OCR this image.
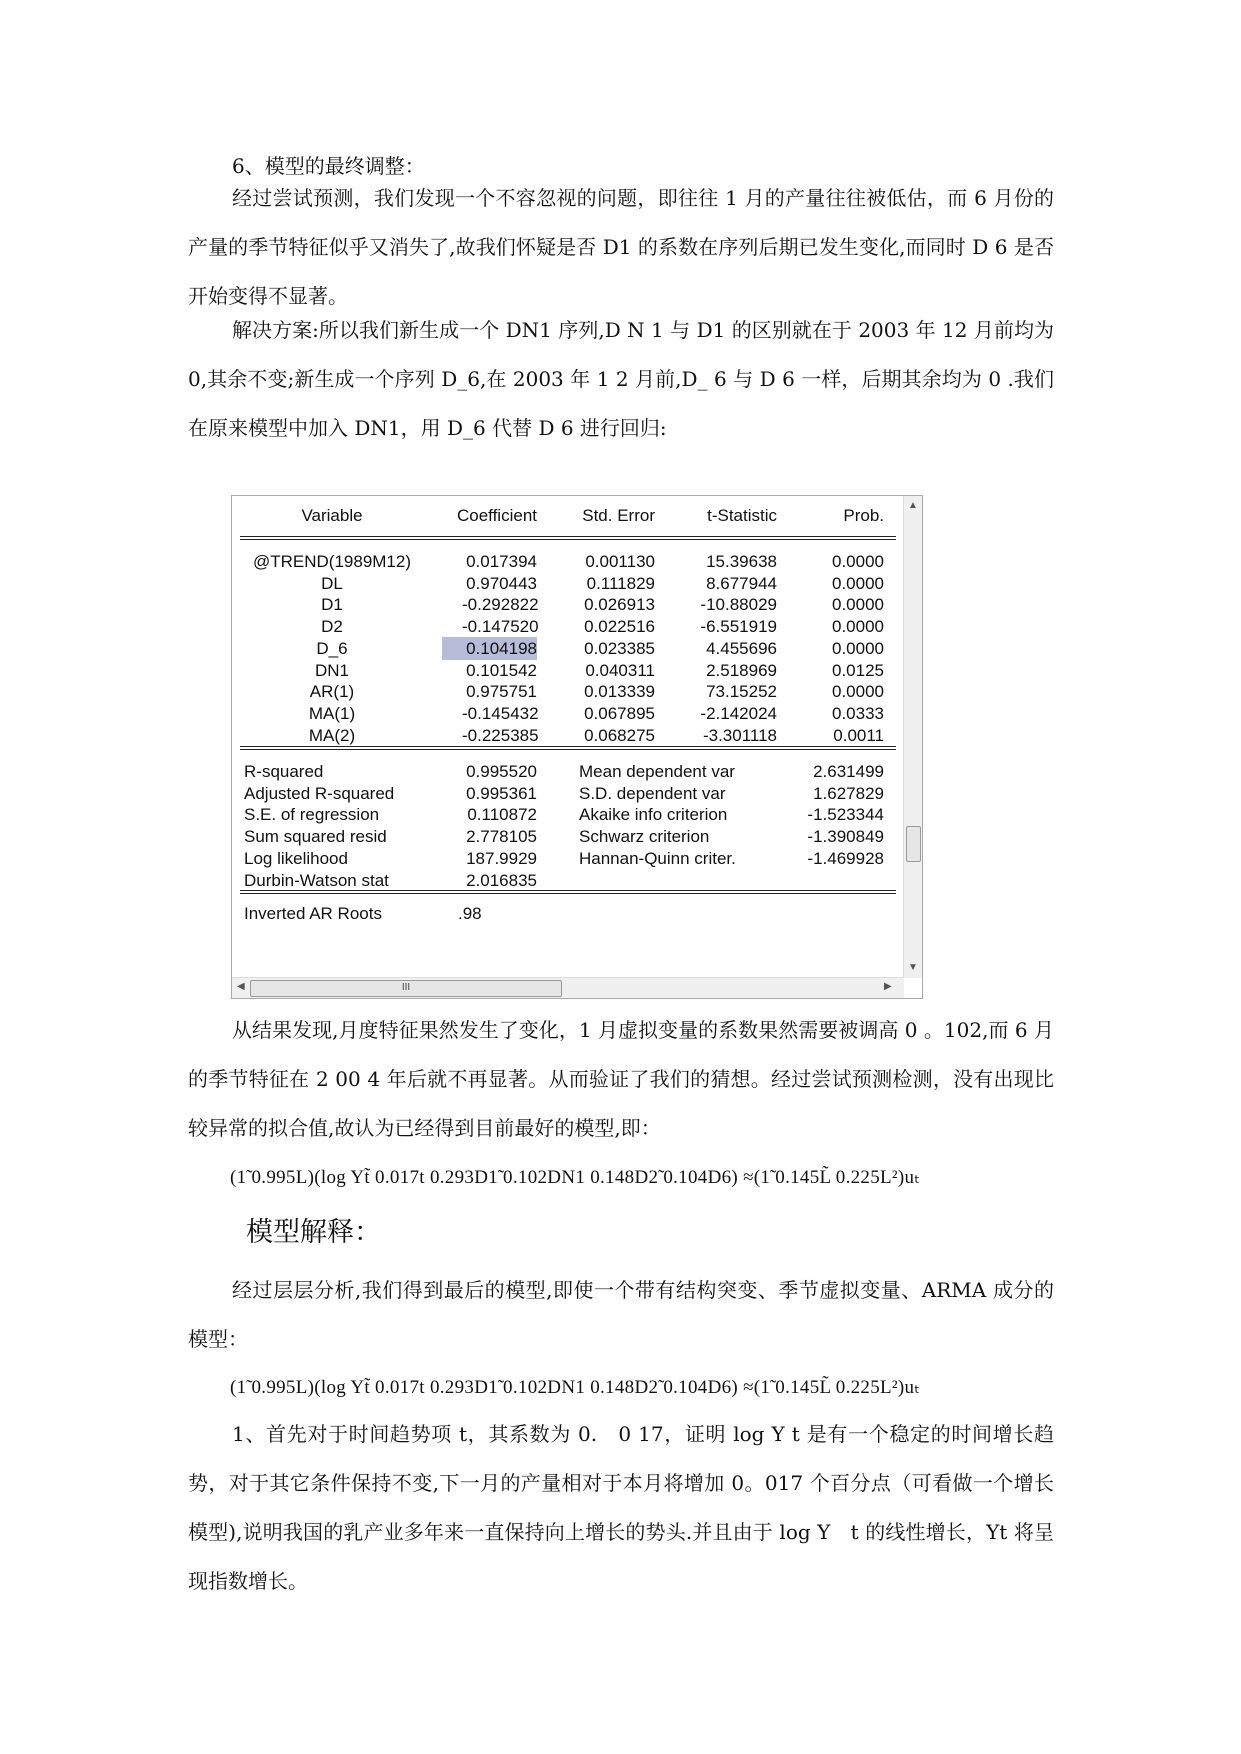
6、模型的最终调整：

经过尝试预测，我们发现一个不容忽视的问题，即往往 1 月的产量往往被低估，而 6 月份的产量的季节特征似乎又消失了,故我们怀疑是否 D1 的系数在序列后期已发生变化,而同时 D 6 是否开始变得不显著。

解决方案:所以我们新生成一个 DN1 序列,D N 1 与 D1 的区别就在于 2003 年 12 月前均为 0,其余不变;新生成一个序列 D_6,在 2003 年 1 2 月前,D_ 6 与 D 6 一样，后期其余均为 0 .我们在原来模型中加入 DN1，用 D_6 代替 D 6 进行回归:

Variable	Coefficient	Std. Error	t-Statistic	Prob.
@TREND(1989M12)	0.017394	0.001130	15.39638	0.0000
DL	0.970443	0.111829	8.677944	0.0000
D1	-0.292822	0.026913	-10.88029	0.0000
D2	-0.147520	0.022516	-6.551919	0.0000
D_6	0.104198	0.023385	4.455696	0.0000
DN1	0.101542	0.040311	2.518969	0.0125
AR(1)	0.975751	0.013339	73.15252	0.0000
MA(1)	-0.145432	0.067895	-2.142024	0.0333
MA(2)	-0.225385	0.068275	-3.301118	0.0011
R-squared	0.995520 Mean dependent var	2.631499
Adjusted R-squared	0.995361 S.D. dependent var	1.627829
S.E. of regression	0.110872 Akaike info criterion	-1.523344
Sum squared resid	2.778105 Schwarz criterion	-1.390849
Log likelihood	187.9929 Hannan-Quinn criter.	-1.469928
Durbin-Watson stat	2.016835
Inverted AR Roots	.98
▲
▼
◀	III	▶

从结果发现,月度特征果然发生了变化，1 月虚拟变量的系数果然需要被调高 0 。102,而 6 月的季节特征在 2 00 4 年后就不再显著。从而验证了我们的猜想。经过尝试预测检测，没有出现比较异常的拟合值,故认为已经得到目前最好的模型,即：

(1̃ 0.995L)(log Yt̃ 0.017t 0.293D1̃ 0.102DN1 0.148D2̃ 0.104D6) ≈(1̃ 0.145L̃ 0.225L²)uₜ
模型解释：

经过层层分析,我们得到最后的模型,即使一个带有结构突变、季节虚拟变量、ARMA 成分的模型：

(1̃ 0.995L)(log Yt̃ 0.017t 0.293D1̃ 0.102DN1 0.148D2̃ 0.104D6) ≈(1̃ 0.145L̃ 0.225L²)uₜ

1、首先对于时间趋势项 t，其系数为 0.　0 17，证明 log Y t 是有一个稳定的时间增长趋势，对于其它条件保持不变,下一月的产量相对于本月将增加 0。017 个百分点（可看做一个增长模型),说明我国的乳产业多年来一直保持向上增长的势头.并且由于 log Y　t 的线性增长，Yt 将呈现指数增长。
